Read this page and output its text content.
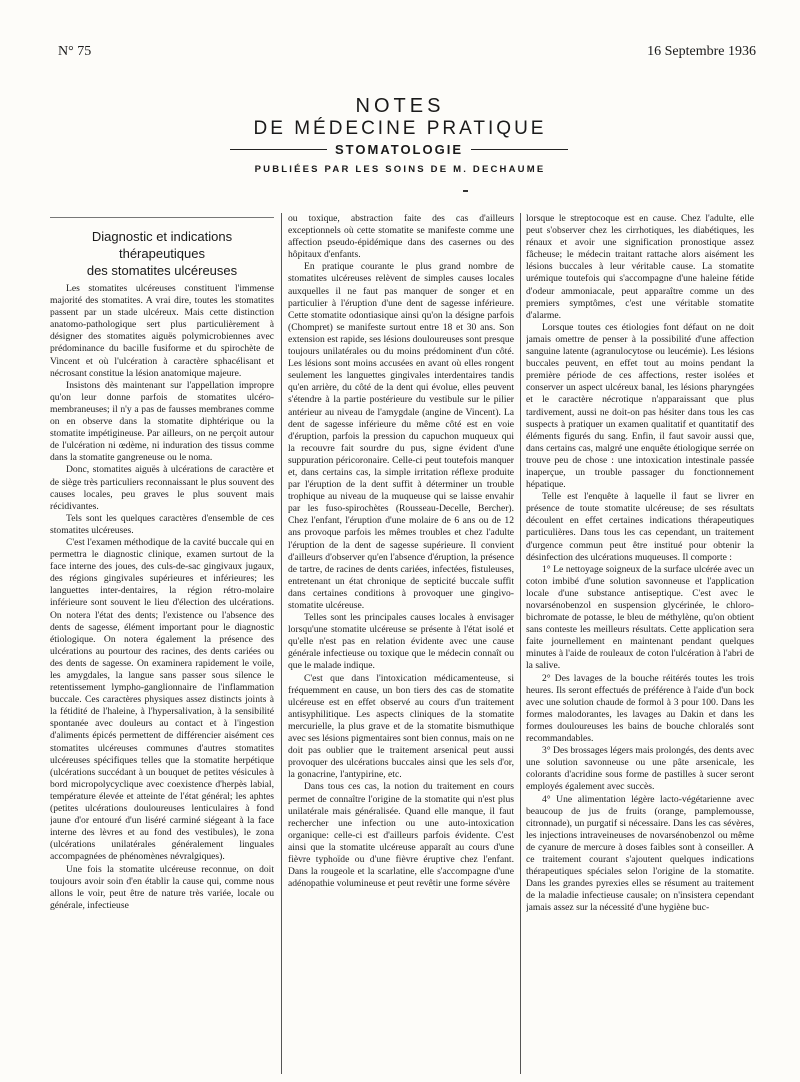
N° 75	16 Septembre 1936
NOTES
DE MÉDECINE PRATIQUE
STOMATOLOGIE
PUBLIÉES PAR LES SOINS DE M. DECHAUME
Diagnostic et indications thérapeutiques
des stomatites ulcéreuses

Les stomatites ulcéreuses constituent l'immense majorité des stomatites. A vrai dire, toutes les stomatites passent par un stade ulcéreux. Mais cette distinction anatomo-pathologique sert plus particulièrement à désigner des stomatites aiguës polymicrobiennes avec prédominance du bacille fusiforme et du spirochète de Vincent et où l'ulcération à caractère sphacélisant et nécrosant constitue la lésion anatomique majeure.

Insistons dès maintenant sur l'appellation impropre qu'on leur donne parfois de stomatites ulcéro-membraneuses; il n'y a pas de fausses membranes comme on en observe dans la stomatite diphtérique ou la stomatite impétigineuse. Par ailleurs, on ne perçoit autour de l'ulcération ni œdème, ni induration des tissus comme dans la stomatite gangreneuse ou le noma.

Donc, stomatites aiguës à ulcérations de caractère et de siège très particuliers reconnaissant le plus souvent des causes locales, peu graves le plus souvent mais récidivantes.

Tels sont les quelques caractères d'ensemble de ces stomatites ulcéreuses.

C'est l'examen méthodique de la cavité buccale qui en permettra le diagnostic clinique, examen surtout de la face interne des joues, des culs-de-sac gingivaux jugaux, des régions gingivales supérieures et inférieures; les languettes inter-dentaires, la région rétro-molaire inférieure sont souvent le lieu d'élection des ulcérations. On notera l'état des dents; l'existence ou l'absence des dents de sagesse, élément important pour le diagnostic étiologique. On notera également la présence des ulcérations au pourtour des racines, des dents cariées ou des dents de sagesse. On examinera rapidement le voile, les amygdales, la langue sans passer sous silence le retentissement lympho-ganglionnaire de l'inflammation buccale. Ces caractères physiques assez distincts joints à la fétidité de l'haleine, à l'hypersalivation, à la sensibilité spontanée avec douleurs au contact et à l'ingestion d'aliments épicés permettent de différencier aisément ces stomatites ulcéreuses communes d'autres stomatites ulcéreuses spécifiques telles que la stomatite herpétique (ulcérations succédant à un bouquet de petites vésicules à bord micropolycyclique avec coexistence d'herpès labial, température élevée et atteinte de l'état général; les aphtes (petites ulcérations douloureuses lenticulaires à fond jaune d'or entouré d'un liséré carminé siégeant à la face interne des lèvres et au fond des vestibules), le zona (ulcérations unilatérales généralement linguales accompagnées de phénomènes névralgiques).

Une fois la stomatite ulcéreuse reconnue, on doit toujours avoir soin d'en établir la cause qui, comme nous allons le voir, peut être de nature très variée, locale ou générale, infectieuse

ou toxique, abstraction faite des cas d'ailleurs exceptionnels où cette stomatite se manifeste comme une affection pseudo-épidémique dans des casernes ou des hôpitaux d'enfants.

En pratique courante le plus grand nombre de stomatites ulcéreuses relèvent de simples causes locales auxquelles il ne faut pas manquer de songer et en particulier à l'éruption d'une dent de sagesse inférieure. Cette stomatite odontiasique ainsi qu'on la désigne parfois (Chompret) se manifeste surtout entre 18 et 30 ans. Son extension est rapide, ses lésions douloureuses sont presque toujours unilatérales ou du moins prédominent d'un côté. Les lésions sont moins accusées en avant où elles rongent seulement les languettes gingivales interdentaires tandis qu'en arrière, du côté de la dent qui évolue, elles peuvent s'étendre à la partie postérieure du vestibule sur le pilier antérieur au niveau de l'amygdale (angine de Vincent). La dent de sagesse inférieure du même côté est en voie d'éruption, parfois la pression du capuchon muqueux qui la recouvre fait sourdre du pus, signe évident d'une suppuration péricoronaire. Celle-ci peut toutefois manquer et, dans certains cas, la simple irritation réflexe produite par l'éruption de la dent suffit à déterminer un trouble trophique au niveau de la muqueuse qui se laisse envahir par les fuso-spirochètes (Rousseau-Decelle, Bercher). Chez l'enfant, l'éruption d'une molaire de 6 ans ou de 12 ans provoque parfois les mêmes troubles et chez l'adulte l'éruption de la dent de sagesse supérieure. Il convient d'ailleurs d'observer qu'en l'absence d'éruption, la présence de tartre, de racines de dents cariées, infectées, fistuleuses, entretenant un état chronique de septicité buccale suffit dans certaines conditions à provoquer une gingivo-stomatite ulcéreuse.

Telles sont les principales causes locales à envisager lorsqu'une stomatite ulcéreuse se présente à l'état isolé et qu'elle n'est pas en relation évidente avec une cause générale infectieuse ou toxique que le médecin connaît ou que le malade indique.

C'est que dans l'intoxication médicamenteuse, si fréquemment en cause, un bon tiers des cas de stomatite ulcéreuse est en effet observé au cours d'un traitement antisyphilitique. Les aspects cliniques de la stomatite mercurielle, la plus grave et de la stomatite bismuthique avec ses lésions pigmentaires sont bien connus, mais on ne doit pas oublier que le traitement arsenical peut aussi provoquer des ulcérations buccales ainsi que les sels d'or, la gonacrine, l'antypirine, etc.

Dans tous ces cas, la notion du traitement en cours permet de connaître l'origine de la stomatite qui n'est plus unilatérale mais généralisée. Quand elle manque, il faut rechercher une infection ou une auto-intoxication organique: celle-ci est d'ailleurs parfois évidente. C'est ainsi que la stomatite ulcéreuse apparaît au cours d'une fièvre typhoïde ou d'une fièvre éruptive chez l'enfant. Dans la rougeole et la scarlatine, elle s'accompagne d'une adénopathie volumineuse et peut revêtir une forme sévère

lorsque le streptocoque est en cause. Chez l'adulte, elle peut s'observer chez les cirrhotiques, les diabétiques, les rénaux et avoir une signification pronostique assez fâcheuse; le médecin traitant rattache alors aisément les lésions buccales à leur véritable cause. La stomatite urémique toutefois qui s'accompagne d'une haleine fétide d'odeur ammoniacale, peut apparaître comme un des premiers symptômes, c'est une véritable stomatite d'alarme.

Lorsque toutes ces étiologies font défaut on ne doit jamais omettre de penser à la possibilité d'une affection sanguine latente (agranulocytose ou leucémie). Les lésions buccales peuvent, en effet tout au moins pendant la première période de ces affections, rester isolées et conserver un aspect ulcéreux banal, les lésions pharyngées et le caractère nécrotique n'apparaissant que plus tardivement, aussi ne doit-on pas hésiter dans tous les cas suspects à pratiquer un examen qualitatif et quantitatif des éléments figurés du sang. Enfin, il faut savoir aussi que, dans certains cas, malgré une enquête étiologique serrée on trouve peu de chose : une intoxication intestinale passée inaperçue, un trouble passager du fonctionnement hépatique.

Telle est l'enquête à laquelle il faut se livrer en présence de toute stomatite ulcéreuse; de ses résultats découlent en effet certaines indications thérapeutiques particulières. Dans tous les cas cependant, un traitement d'urgence commun peut être institué pour obtenir la désinfection des ulcérations muqueuses. Il comporte :

1° Le nettoyage soigneux de la surface ulcérée avec un coton imbibé d'une solution savonneuse et l'application locale d'une substance antiseptique. C'est avec le novarsénobenzol en suspension glycérinée, le chloro-bichromate de potasse, le bleu de méthylène, qu'on obtient sans conteste les meilleurs résultats. Cette application sera faite journellement en maintenant pendant quelques minutes à l'aide de rouleaux de coton l'ulcération à l'abri de la salive.

2° Des lavages de la bouche réitérés toutes les trois heures. Ils seront effectués de préférence à l'aide d'un bock avec une solution chaude de formol à 3 pour 100. Dans les formes malodorantes, les lavages au Dakin et dans les formes douloureuses les bains de bouche chloralés sont recommandables.

3° Des brossages légers mais prolongés, des dents avec une solution savonneuse ou une pâte arsenicale, les colorants d'acridine sous forme de pastilles à sucer seront employés également avec succès.

4° Une alimentation légère lacto-végétarienne avec beaucoup de jus de fruits (orange, pamplemousse, citronnade), un purgatif si nécessaire. Dans les cas sévères, les injections intraveineuses de novarsénobenzol ou même de cyanure de mercure à doses faibles sont à conseiller. A ce traitement courant s'ajoutent quelques indications thérapeutiques spéciales selon l'origine de la stomatite. Dans les grandes pyrexies elles se résument au traitement de la maladie infectieuse causale; on n'insistera cependant jamais assez sur la nécessité d'une hygiène buc-
